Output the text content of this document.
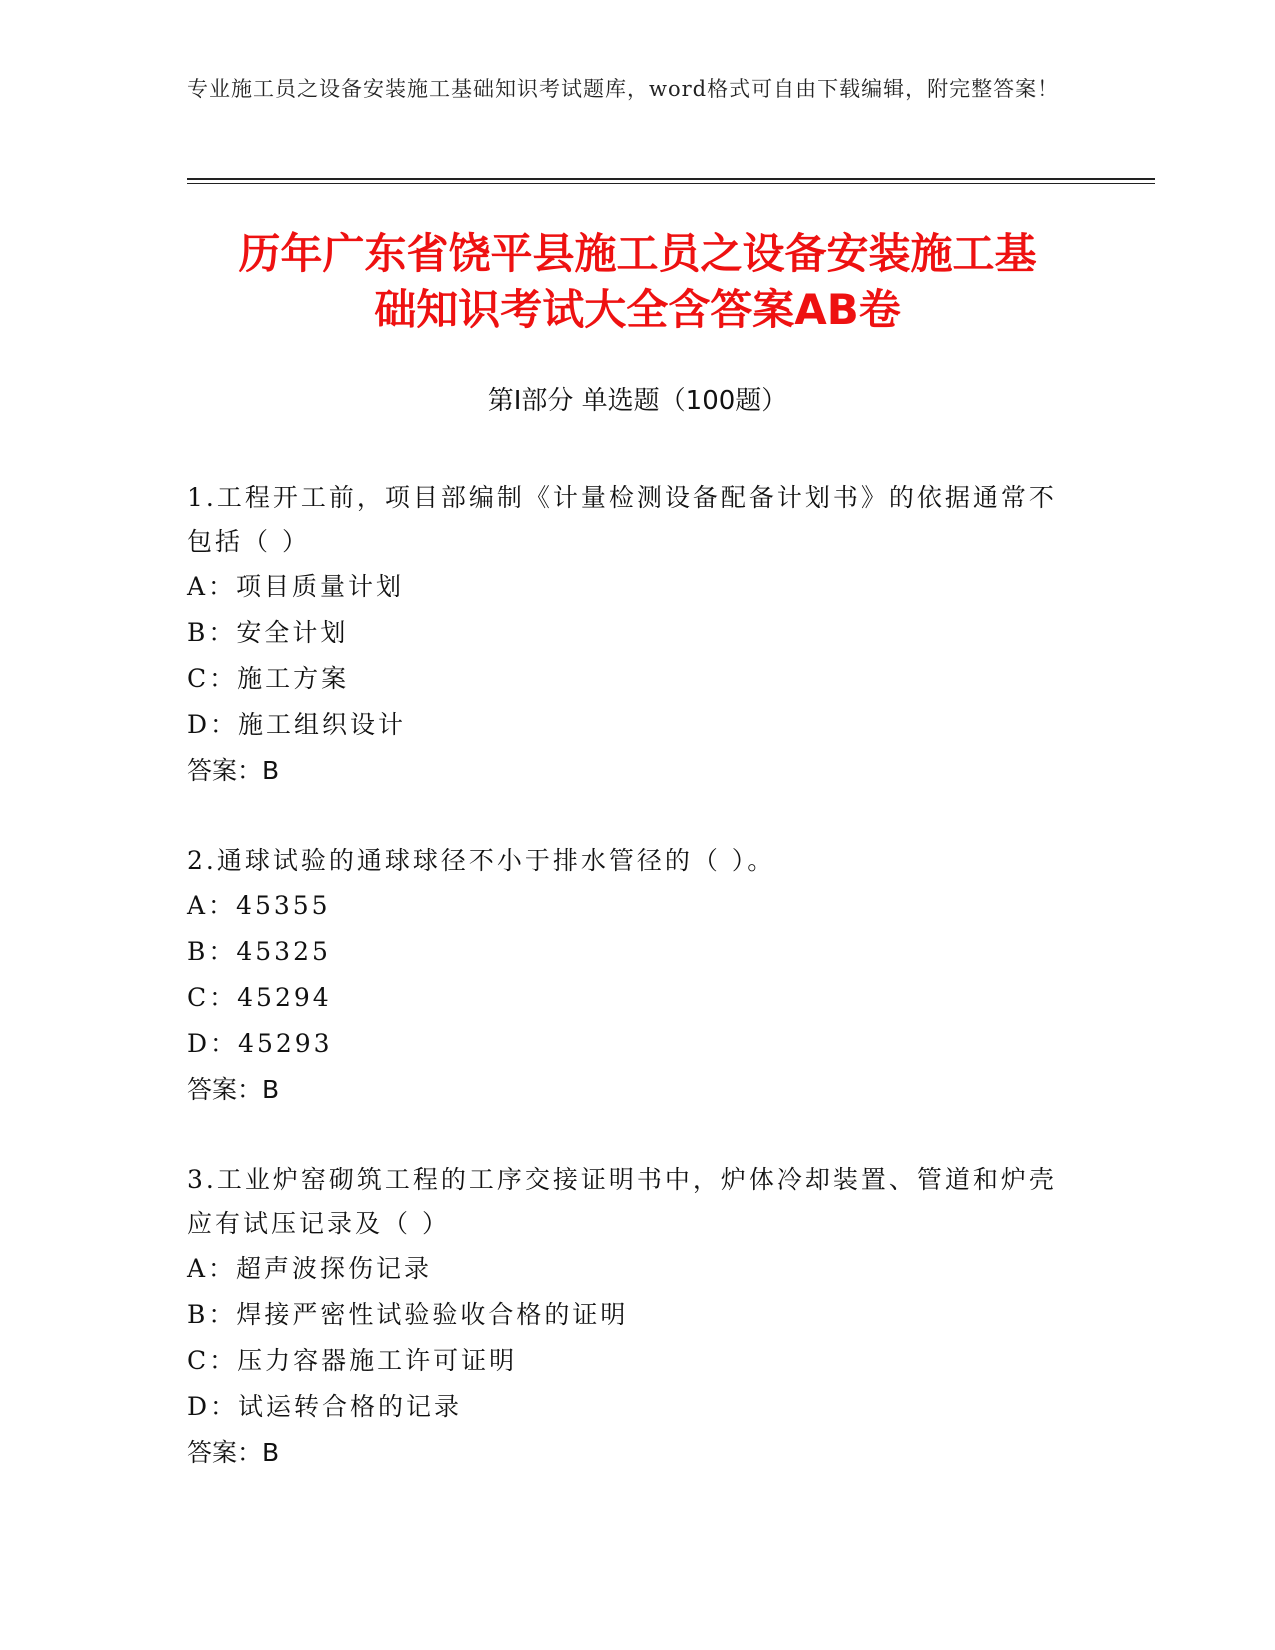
专业施工员之设备安装施工基础知识考试题库，word格式可自由下载编辑，附完整答案！
历年广东省饶平县施工员之设备安装施工基
础知识考试大全含答案AB卷
第I部分 单选题（100题）

1.工程开工前，项目部编制《计量检测设备配备计划书》的依据通常不包括（ ）

A：项目质量计划

B：安全计划

C：施工方案

D：施工组织设计

答案：B

2.通球试验的通球球径不小于排水管径的（ ）。

A：45355

B：45325

C：45294

D：45293

答案：B

3.工业炉窑砌筑工程的工序交接证明书中，炉体冷却装置、管道和炉壳应有试压记录及（ ）

A：超声波探伤记录

B：焊接严密性试验验收合格的证明

C：压力容器施工许可证明

D：试运转合格的记录

答案：B
